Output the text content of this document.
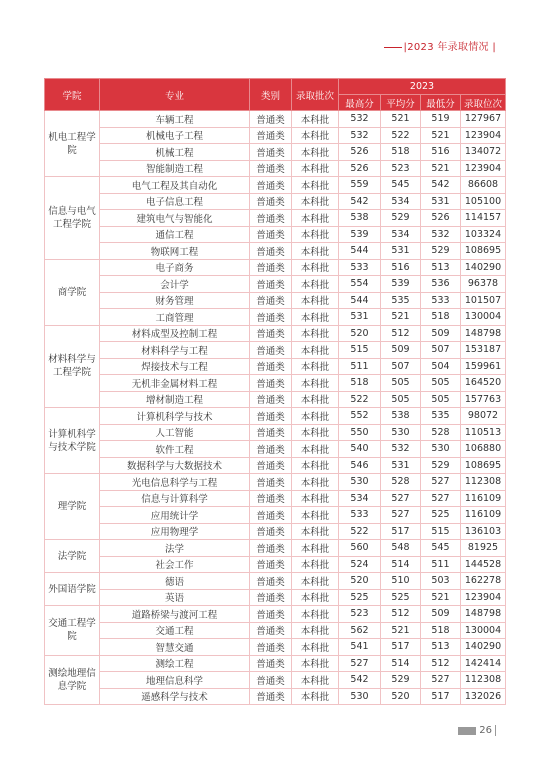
|2023 年录取情况 |
学院	专业	类别	录取批次	2023			
				最高分	平均分	最低分	录取位次
机电工程学院	车辆工程	普通类	本科批	532	521	519	127967
	机械电子工程	普通类	本科批	532	522	521	123904
	机械工程	普通类	本科批	526	518	516	134072
	智能制造工程	普通类	本科批	526	523	521	123904
信息与电气工程学院	电气工程及其自动化	普通类	本科批	559	545	542	86608
	电子信息工程	普通类	本科批	542	534	531	105100
	建筑电气与智能化	普通类	本科批	538	529	526	114157
	通信工程	普通类	本科批	539	534	532	103324
	物联网工程	普通类	本科批	544	531	529	108695
商学院	电子商务	普通类	本科批	533	516	513	140290
	会计学	普通类	本科批	554	539	536	96378
	财务管理	普通类	本科批	544	535	533	101507
	工商管理	普通类	本科批	531	521	518	130004
材料科学与工程学院	材料成型及控制工程	普通类	本科批	520	512	509	148798
	材料科学与工程	普通类	本科批	515	509	507	153187
	焊接技术与工程	普通类	本科批	511	507	504	159961
	无机非金属材料工程	普通类	本科批	518	505	505	164520
	增材制造工程	普通类	本科批	522	505	505	157763
计算机科学与技术学院	计算机科学与技术	普通类	本科批	552	538	535	98072
	人工智能	普通类	本科批	550	530	528	110513
	软件工程	普通类	本科批	540	532	530	106880
	数据科学与大数据技术	普通类	本科批	546	531	529	108695
理学院	光电信息科学与工程	普通类	本科批	530	528	527	112308
	信息与计算科学	普通类	本科批	534	527	527	116109
	应用统计学	普通类	本科批	533	527	525	116109
	应用物理学	普通类	本科批	522	517	515	136103
法学院	法学	普通类	本科批	560	548	545	81925
	社会工作	普通类	本科批	524	514	511	144528
外国语学院	德语	普通类	本科批	520	510	503	162278
	英语	普通类	本科批	525	525	521	123904
交通工程学院	道路桥梁与渡河工程	普通类	本科批	523	512	509	148798
	交通工程	普通类	本科批	562	521	518	130004
	智慧交通	普通类	本科批	541	517	513	140290
测绘地理信息学院	测绘工程	普通类	本科批	527	514	512	142414
	地理信息科学	普通类	本科批	542	529	527	112308
	遥感科学与技术	普通类	本科批	530	520	517	132026
26
